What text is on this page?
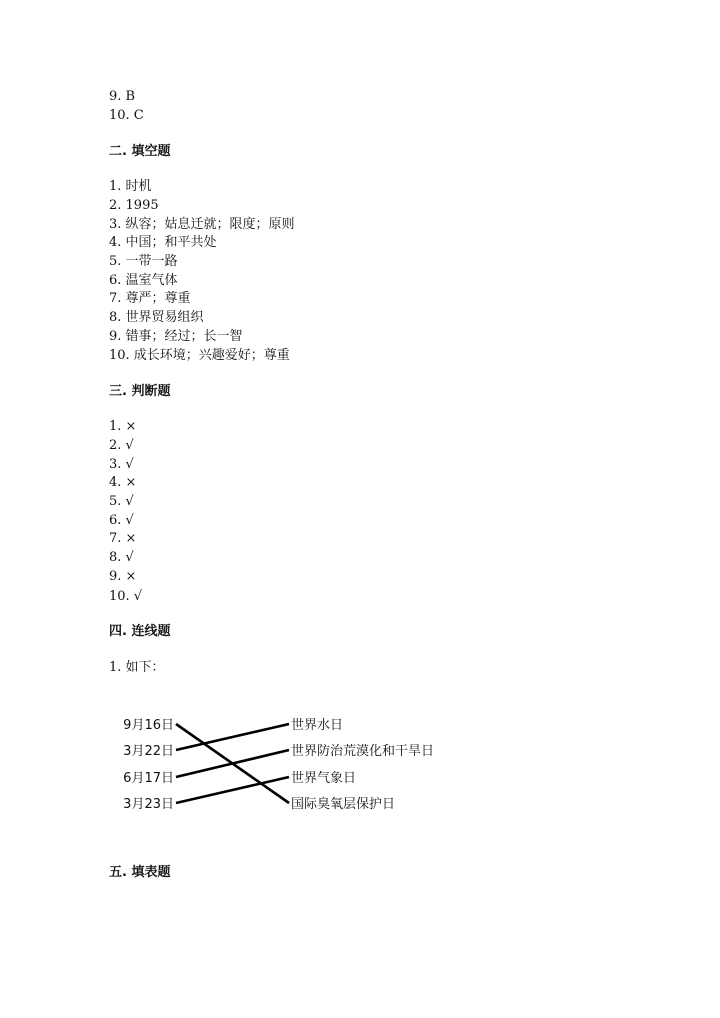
9. B
10. C
二. 填空题
1. 时机
2. 1995
3. 纵容；姑息迁就；限度；原则
4. 中国；和平共处
5. 一带一路
6. 温室气体
7. 尊严；尊重
8. 世界贸易组织
9. 错事；经过；长一智
10. 成长环境；兴趣爱好；尊重
三. 判断题
1. ×
2. √
3. √
4. ×
5. √
6. √
7. ×
8. √
9. ×
10. √
四. 连线题
1. 如下：
9月16日
3月22日
6月17日
3月23日
世界水日
世界防治荒漠化和干旱日
世界气象日
国际臭氧层保护日
五. 填表题
